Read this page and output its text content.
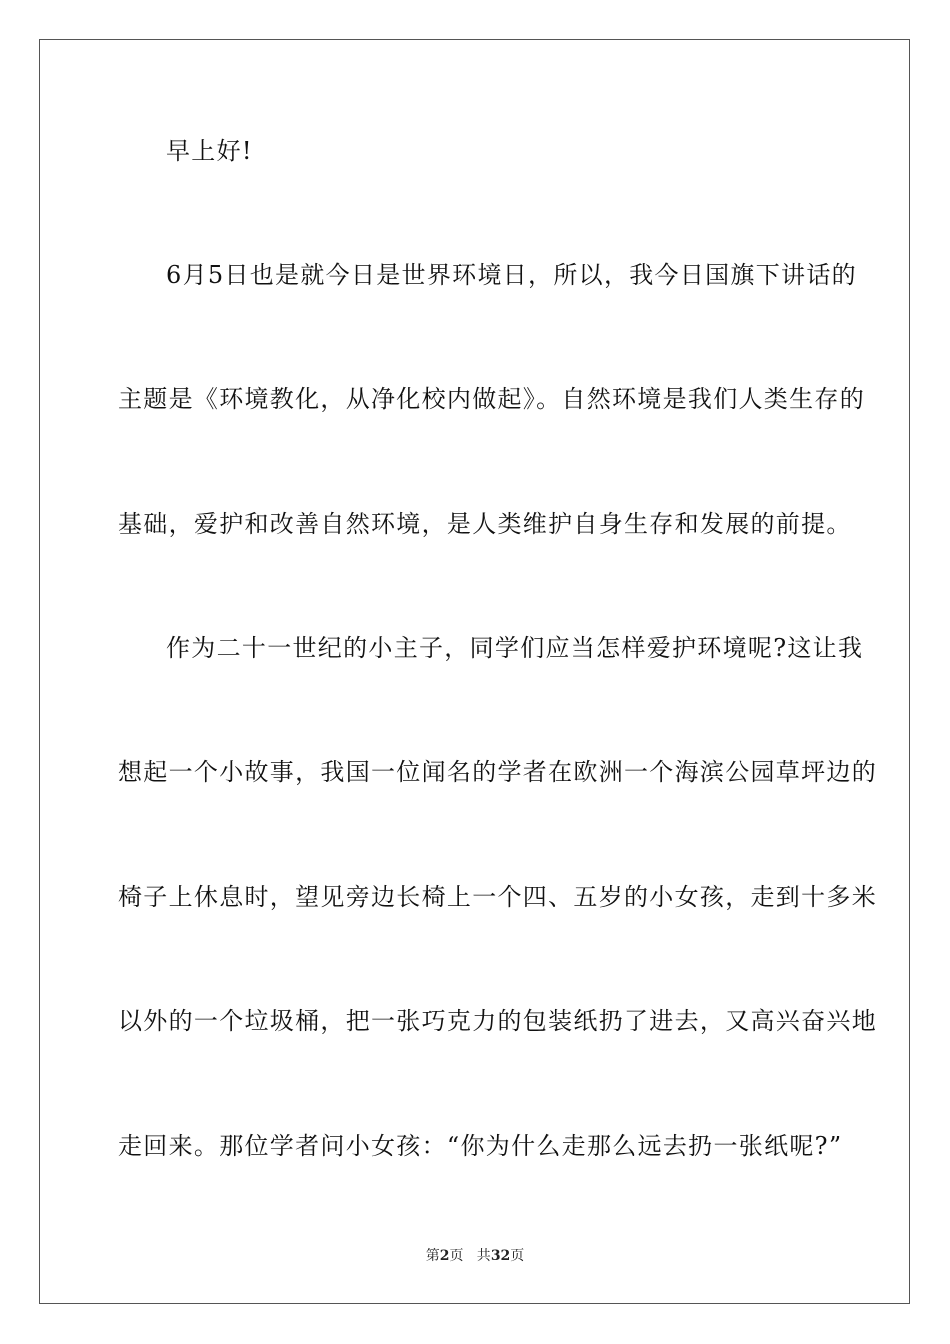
早上好!
6月5日也是就今日是世界环境日，所以，我今日国旗下讲话的
主题是《环境教化，从净化校内做起》。自然环境是我们人类生存的
基础，爱护和改善自然环境，是人类维护自身生存和发展的前提。
作为二十一世纪的小主子，同学们应当怎样爱护环境呢?这让我
想起一个小故事，我国一位闻名的学者在欧洲一个海滨公园草坪边的
椅子上休息时，望见旁边长椅上一个四、五岁的小女孩，走到十多米
以外的一个垃圾桶，把一张巧克力的包装纸扔了进去，又高兴奋兴地
走回来。那位学者问小女孩：“你为什么走那么远去扔一张纸呢?”
第2页   共32页
